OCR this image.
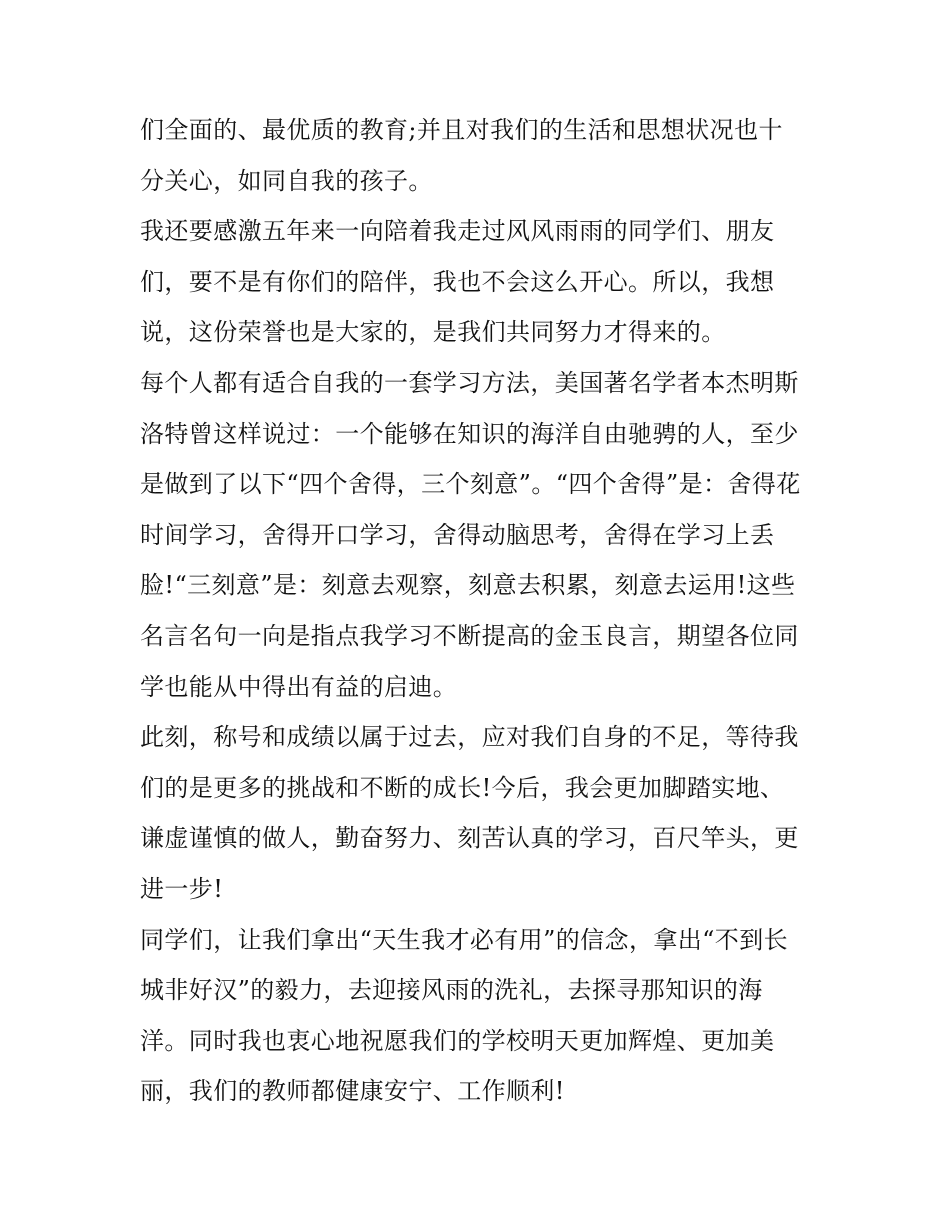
们全面的、最优质的教育;并且对我们的生活和思想状况也十
分关心，如同自我的孩子。
我还要感激五年来一向陪着我走过风风雨雨的同学们、朋友
们，要不是有你们的陪伴，我也不会这么开心。所以，我想
说，这份荣誉也是大家的，是我们共同努力才得来的。
每个人都有适合自我的一套学习方法，美国著名学者本杰明斯
洛特曾这样说过：一个能够在知识的海洋自由驰骋的人，至少
是做到了以下“四个舍得，三个刻意”。“四个舍得”是：舍得花
时间学习，舍得开口学习，舍得动脑思考，舍得在学习上丢
脸!“三刻意”是：刻意去观察，刻意去积累，刻意去运用!这些
名言名句一向是指点我学习不断提高的金玉良言，期望各位同
学也能从中得出有益的启迪。
此刻，称号和成绩以属于过去，应对我们自身的不足，等待我
们的是更多的挑战和不断的成长!今后，我会更加脚踏实地、
谦虚谨慎的做人，勤奋努力、刻苦认真的学习，百尺竿头，更
进一步!
同学们，让我们拿出“天生我才必有用”的信念，拿出“不到长
城非好汉”的毅力，去迎接风雨的洗礼，去探寻那知识的海
洋。同时我也衷心地祝愿我们的学校明天更加辉煌、更加美
丽，我们的教师都健康安宁、工作顺利!
